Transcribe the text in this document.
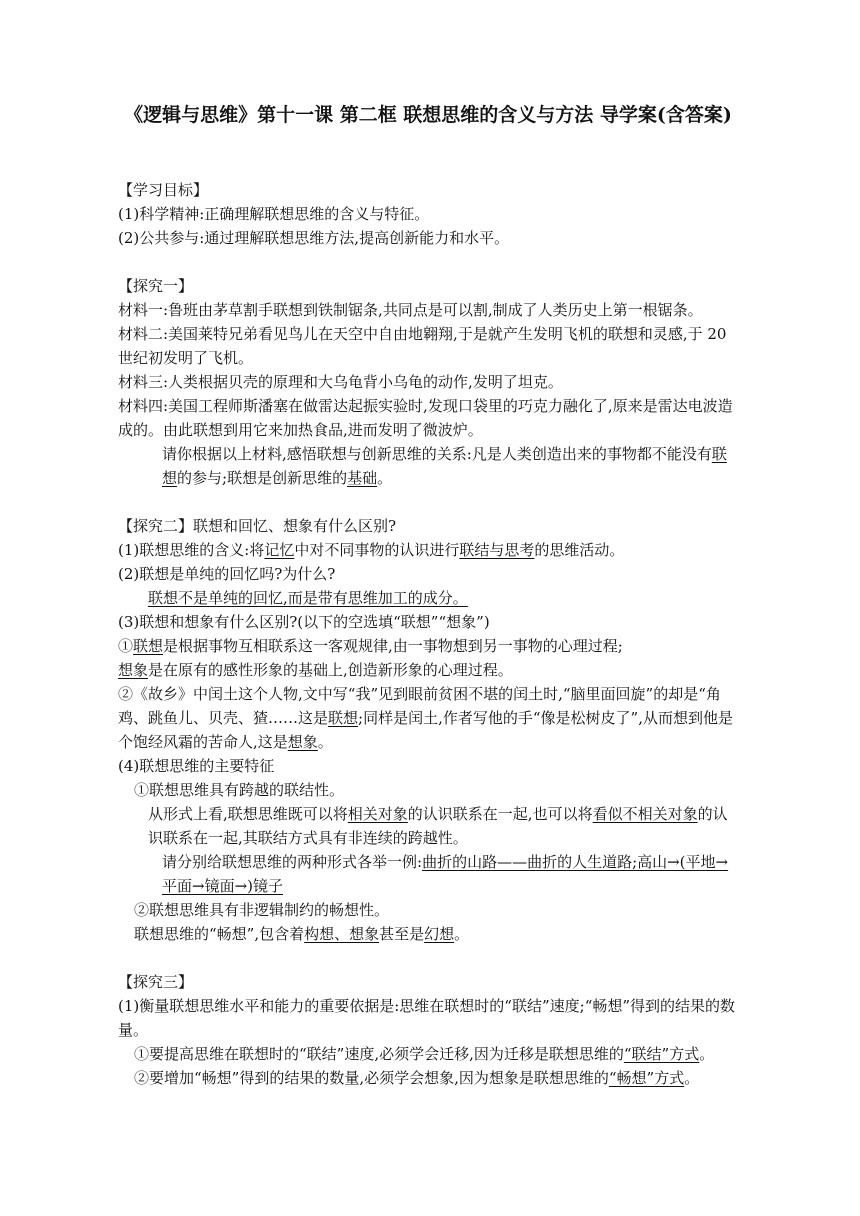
《逻辑与思维》第十一课 第二框 联想思维的含义与方法 导学案(含答案)

【学习目标】

(1)科学精神:正确理解联想思维的含义与特征。

(2)公共参与:通过理解联想思维方法,提高创新能力和水平。

【探究一】

材料一:鲁班由茅草割手联想到铁制锯条,共同点是可以割,制成了人类历史上第一根锯条。

材料二:美国莱特兄弟看见鸟儿在天空中自由地翱翔,于是就产生发明飞机的联想和灵感,于 20 世纪初发明了飞机。

材料三:人类根据贝壳的原理和大乌龟背小乌龟的动作,发明了坦克。

材料四:美国工程师斯潘塞在做雷达起振实验时,发现口袋里的巧克力融化了,原来是雷达电波造成的。由此联想到用它来加热食品,进而发明了微波炉。

请你根据以上材料,感悟联想与创新思维的关系:凡是人类创造出来的事物都不能没有联想的参与;联想是创新思维的基础。

【探究二】联想和回忆、想象有什么区别?

(1)联想思维的含义:将记忆中对不同事物的认识进行联结与思考的思维活动。

(2)联想是单纯的回忆吗?为什么?

联想不是单纯的回忆,而是带有思维加工的成分。

(3)联想和想象有什么区别?(以下的空选填“联想”“想象”)

①联想是根据事物互相联系这一客观规律,由一事物想到另一事物的心理过程;

想象是在原有的感性形象的基础上,创造新形象的心理过程。

②《故乡》中闰土这个人物,文中写“我”见到眼前贫困不堪的闰土时,“脑里面回旋”的却是“角鸡、跳鱼儿、贝壳、猹……这是联想;同样是闰土,作者写他的手“像是松树皮了”,从而想到他是个饱经风霜的苦命人,这是想象。

(4)联想思维的主要特征

①联想思维具有跨越的联结性。

从形式上看,联想思维既可以将相关对象的认识联系在一起,也可以将看似不相关对象的认识联系在一起,其联结方式具有非连续的跨越性。

请分别给联想思维的两种形式各举一例:曲折的山路——曲折的人生道路;高山→(平地→平面→镜面→)镜子

②联想思维具有非逻辑制约的畅想性。

联想思维的“畅想”,包含着构想、想象甚至是幻想。

【探究三】

(1)衡量联想思维水平和能力的重要依据是:思维在联想时的“联结”速度;“畅想”得到的结果的数量。

①要提高思维在联想时的“联结”速度,必须学会迁移,因为迁移是联想思维的“联结”方式。

②要增加“畅想”得到的结果的数量,必须学会想象,因为想象是联想思维的“畅想”方式。
